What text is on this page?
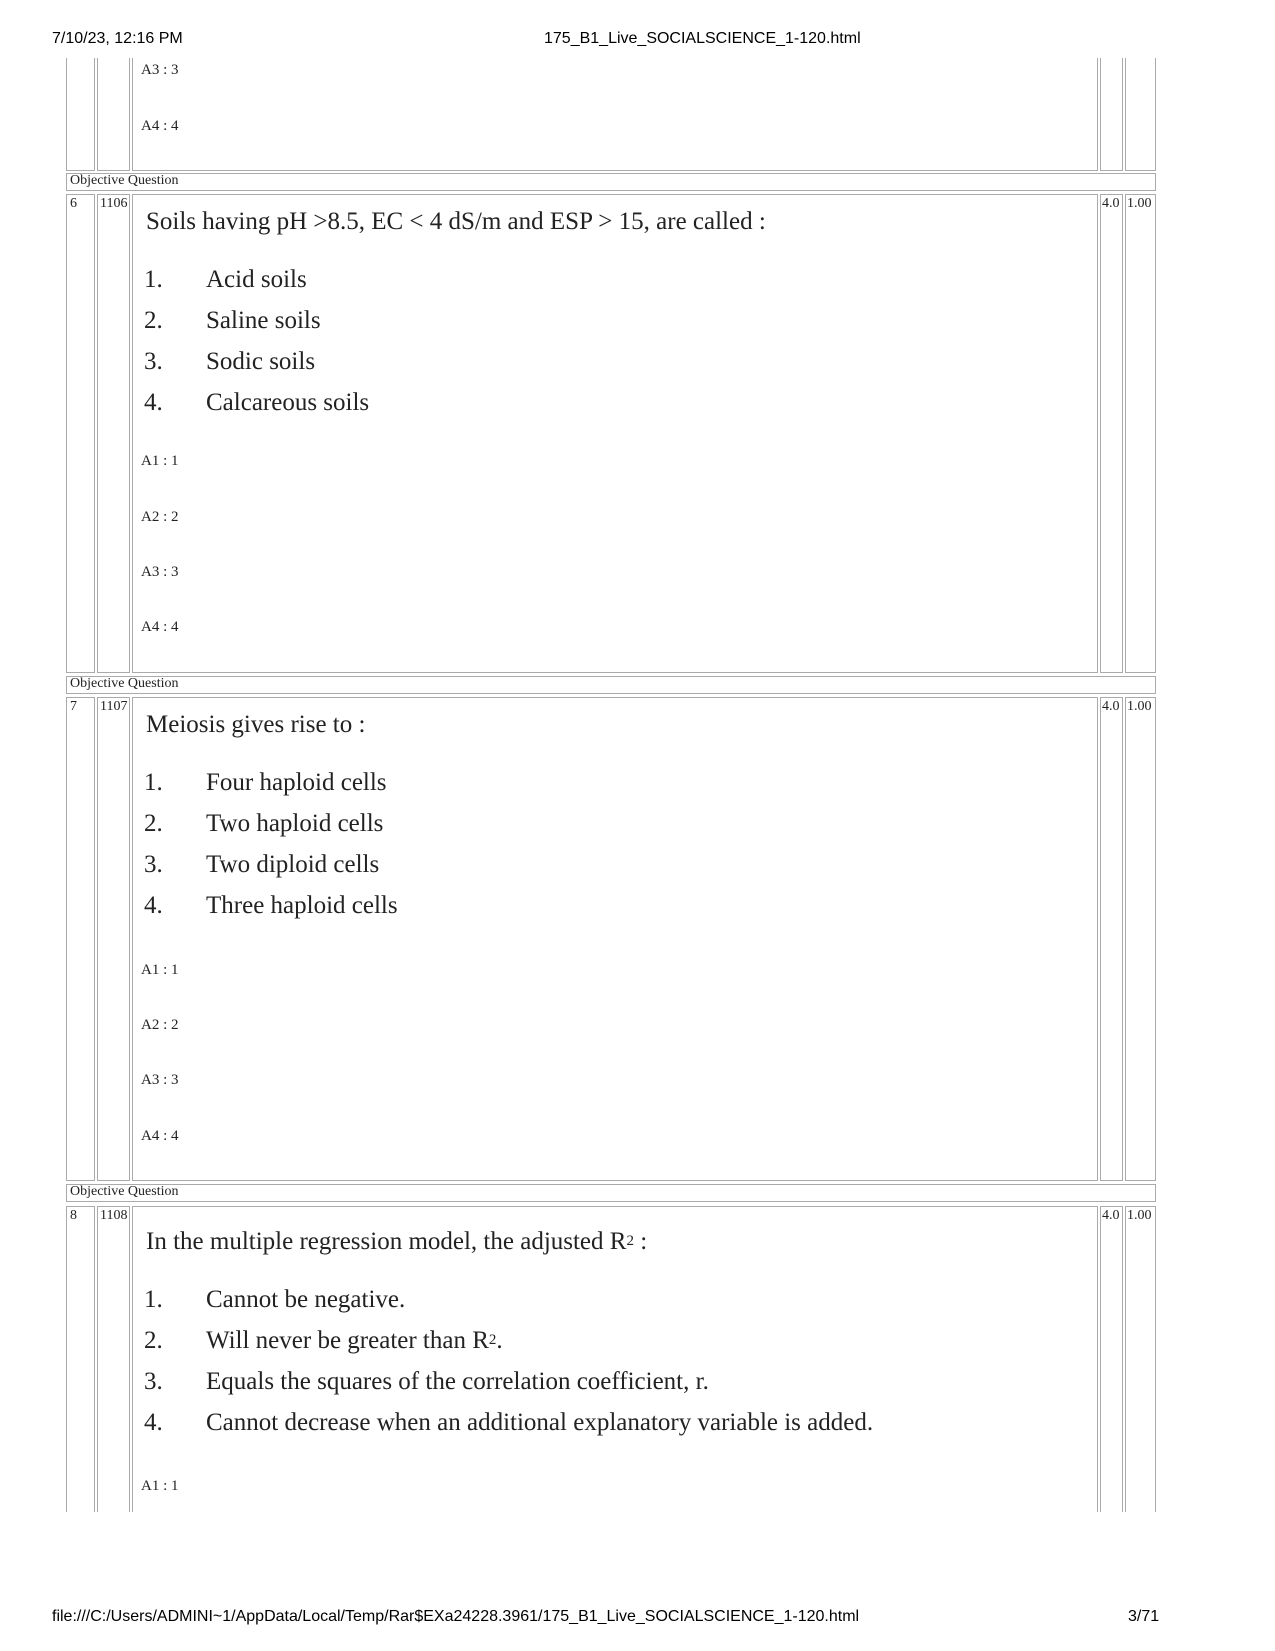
7/10/23, 12:16 PM	175_B1_Live_SOCIALSCIENCE_1-120.html
file:///C:/Users/ADMINI~1/AppData/Local/Temp/Rar$EXa24228.3961/175_B1_Live_SOCIALSCIENCE_1-120.html	3/71
A3 : 3
A4 : 4
Objective Question
6 1106	4.0 1.00
Soils having pH >8.5, EC < 4 dS/m and ESP > 15, are called :
1. Acid soils
2. Saline soils
3. Sodic soils
4. Calcareous soils
A1 : 1
A2 : 2
A3 : 3
A4 : 4
Objective Question
7 1107	4.0 1.00
Meiosis gives rise to :
1. Four haploid cells
2. Two haploid cells
3. Two diploid cells
4. Three haploid cells
A1 : 1
A2 : 2
A3 : 3
A4 : 4
Objective Question
8 1108	4.0 1.00
In the multiple regression model, the adjusted $R^2$ :
1. Cannot be negative.
2. Will never be greater than $R^2$.
3. Equals the squares of the correlation coefficient, r.
4. Cannot decrease when an additional explanatory variable is added.
A1 : 1
